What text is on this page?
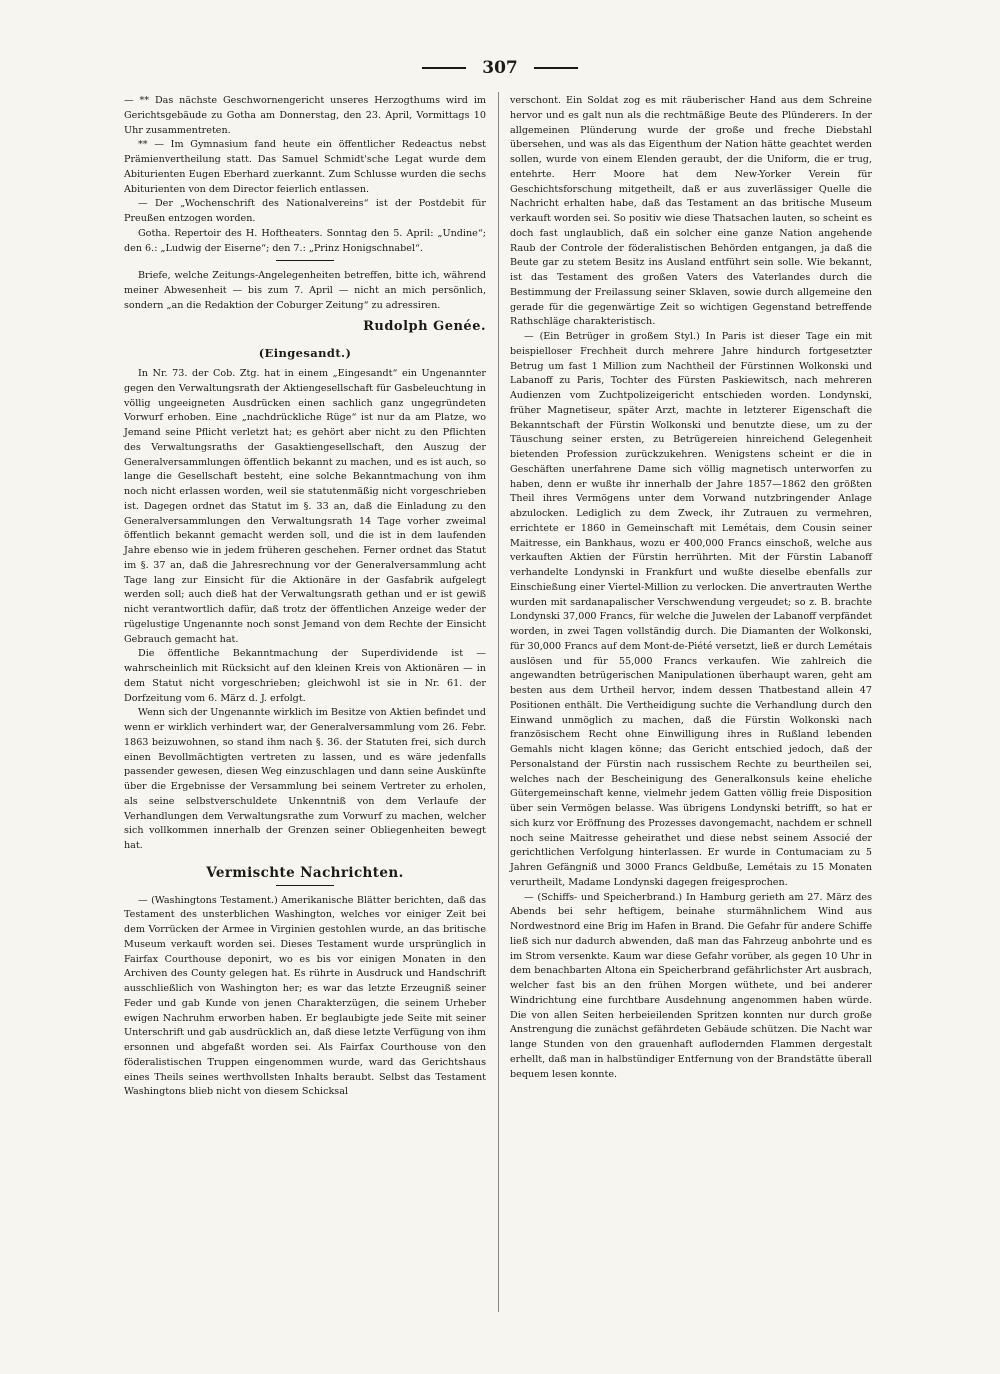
307

— ** Das nächste Geschwornengericht unseres Herzogthums wird im Gerichtsgebäude zu Gotha am Donnerstag, den 23. April, Vormittags 10 Uhr zusammentreten.

** — Im Gymnasium fand heute ein öffentlicher Redeactus nebst Prämienvertheilung statt. Das Samuel Schmidt'sche Legat wurde dem Abiturienten Eugen Eberhard zuerkannt. Zum Schlusse wurden die sechs Abiturienten von dem Director feierlich entlassen.

— Der „Wochenschrift des Nationalvereins“ ist der Postdebit für Preußen entzogen worden.

Gotha. Repertoir des H. Hoftheaters. Sonntag den 5. April: „Undine“; den 6.: „Ludwig der Eiserne“; den 7.: „Prinz Honigschnabel“.

Briefe, welche Zeitungs-Angelegenheiten betreffen, bitte ich, während meiner Abwesenheit — bis zum 7. April — nicht an mich persönlich, sondern „an die Redaktion der Coburger Zeitung“ zu adressiren.

Rudolph Genée.
(Eingesandt.)

In Nr. 73. der Cob. Ztg. hat in einem „Eingesandt“ ein Ungenannter gegen den Verwaltungsrath der Aktiengesellschaft für Gasbeleuchtung in völlig ungeeigneten Ausdrücken einen sachlich ganz ungegründeten Vorwurf erhoben. Eine „nachdrückliche Rüge“ ist nur da am Platze, wo Jemand seine Pflicht verletzt hat; es gehört aber nicht zu den Pflichten des Verwaltungsraths der Gasaktiengesellschaft, den Auszug der Generalversammlungen öffentlich bekannt zu machen, und es ist auch, so lange die Gesellschaft besteht, eine solche Bekanntmachung von ihm noch nicht erlassen worden, weil sie statutenmäßig nicht vorgeschrieben ist. Dagegen ordnet das Statut im §. 33 an, daß die Einladung zu den Generalversammlungen den Verwaltungsrath 14 Tage vorher zweimal öffentlich bekannt gemacht werden soll, und die ist in dem laufenden Jahre ebenso wie in jedem früheren geschehen. Ferner ordnet das Statut im §. 37 an, daß die Jahresrechnung vor der Generalversammlung acht Tage lang zur Einsicht für die Aktionäre in der Gasfabrik aufgelegt werden soll; auch dieß hat der Verwaltungsrath gethan und er ist gewiß nicht verantwortlich dafür, daß trotz der öffentlichen Anzeige weder der rügelustige Ungenannte noch sonst Jemand von dem Rechte der Einsicht Gebrauch gemacht hat.

Die öffentliche Bekanntmachung der Superdividende ist — wahrscheinlich mit Rücksicht auf den kleinen Kreis von Aktionären — in dem Statut nicht vorgeschrieben; gleichwohl ist sie in Nr. 61. der Dorfzeitung vom 6. März d. J. erfolgt.

Wenn sich der Ungenannte wirklich im Besitze von Aktien befindet und wenn er wirklich verhindert war, der Generalversammlung vom 26. Febr. 1863 beizuwohnen, so stand ihm nach §. 36. der Statuten frei, sich durch einen Bevollmächtigten vertreten zu lassen, und es wäre jedenfalls passender gewesen, diesen Weg einzuschlagen und dann seine Auskünfte über die Ergebnisse der Versammlung bei seinem Vertreter zu erholen, als seine selbstverschuldete Unkenntniß von dem Verlaufe der Verhandlungen dem Verwaltungsrathe zum Vorwurf zu machen, welcher sich vollkommen innerhalb der Grenzen seiner Obliegenheiten bewegt hat.

Vermischte Nachrichten.

— (Washingtons Testament.) Amerikanische Blätter berichten, daß das Testament des unsterblichen Washington, welches vor einiger Zeit bei dem Vorrücken der Armee in Virginien gestohlen wurde, an das britische Museum verkauft worden sei. Dieses Testament wurde ursprünglich in Fairfax Courthouse deponirt, wo es bis vor einigen Monaten in den Archiven des County gelegen hat. Es rührte in Ausdruck und Handschrift ausschließlich von Washington her; es war das letzte Erzeugniß seiner Feder und gab Kunde von jenen Charakterzügen, die seinem Urheber ewigen Nachruhm erworben haben. Er beglaubigte jede Seite mit seiner Unterschrift und gab ausdrücklich an, daß diese letzte Verfügung von ihm ersonnen und abgefaßt worden sei. Als Fairfax Courthouse von den föderalistischen Truppen eingenommen wurde, ward das Gerichtshaus eines Theils seines werthvollsten Inhalts beraubt. Selbst das Testament Washingtons blieb nicht von diesem Schicksal

verschont. Ein Soldat zog es mit räuberischer Hand aus dem Schreine hervor und es galt nun als die rechtmäßige Beute des Plünderers. In der allgemeinen Plünderung wurde der große und freche Diebstahl übersehen, und was als das Eigenthum der Nation hätte geachtet werden sollen, wurde von einem Elenden geraubt, der die Uniform, die er trug, entehrte. Herr Moore hat dem New-Yorker Verein für Geschichtsforschung mitgetheilt, daß er aus zuverlässiger Quelle die Nachricht erhalten habe, daß das Testament an das britische Museum verkauft worden sei. So positiv wie diese Thatsachen lauten, so scheint es doch fast unglaublich, daß ein solcher eine ganze Nation angehende Raub der Controle der föderalistischen Behörden entgangen, ja daß die Beute gar zu stetem Besitz ins Ausland entführt sein solle. Wie bekannt, ist das Testament des großen Vaters des Vaterlandes durch die Bestimmung der Freilassung seiner Sklaven, sowie durch allgemeine den gerade für die gegenwärtige Zeit so wichtigen Gegenstand betreffende Rathschläge charakteristisch.

— (Ein Betrüger in großem Styl.) In Paris ist dieser Tage ein mit beispielloser Frechheit durch mehrere Jahre hindurch fortgesetzter Betrug um fast 1 Million zum Nachtheil der Fürstinnen Wolkonski und Labanoff zu Paris, Tochter des Fürsten Paskiewitsch, nach mehreren Audienzen vom Zuchtpolizeigericht entschieden worden. Londynski, früher Magnetiseur, später Arzt, machte in letzterer Eigenschaft die Bekanntschaft der Fürstin Wolkonski und benutzte diese, um zu der Täuschung seiner ersten, zu Betrügereien hinreichend Gelegenheit bietenden Profession zurückzukehren. Wenigstens scheint er die in Geschäften unerfahrene Dame sich völlig magnetisch unterworfen zu haben, denn er wußte ihr innerhalb der Jahre 1857—1862 den größten Theil ihres Vermögens unter dem Vorwand nutzbringender Anlage abzulocken. Lediglich zu dem Zweck, ihr Zutrauen zu vermehren, errichtete er 1860 in Gemeinschaft mit Lemétais, dem Cousin seiner Maitresse, ein Bankhaus, wozu er 400,000 Francs einschoß, welche aus verkauften Aktien der Fürstin herrührten. Mit der Fürstin Labanoff verhandelte Londynski in Frankfurt und wußte dieselbe ebenfalls zur Einschießung einer Viertel-Million zu verlocken. Die anvertrauten Werthe wurden mit sardanapalischer Verschwendung vergeudet; so z. B. brachte Londynski 37,000 Francs, für welche die Juwelen der Labanoff verpfändet worden, in zwei Tagen vollständig durch. Die Diamanten der Wolkonski, für 30,000 Francs auf dem Mont-de-Piété versetzt, ließ er durch Lemétais auslösen und für 55,000 Francs verkaufen. Wie zahlreich die angewandten betrügerischen Manipulationen überhaupt waren, geht am besten aus dem Urtheil hervor, indem dessen Thatbestand allein 47 Positionen enthält. Die Vertheidigung suchte die Verhandlung durch den Einwand unmöglich zu machen, daß die Fürstin Wolkonski nach französischem Recht ohne Einwilligung ihres in Rußland lebenden Gemahls nicht klagen könne; das Gericht entschied jedoch, daß der Personalstand der Fürstin nach russischem Rechte zu beurtheilen sei, welches nach der Bescheinigung des Generalkonsuls keine eheliche Gütergemeinschaft kenne, vielmehr jedem Gatten völlig freie Disposition über sein Vermögen belasse. Was übrigens Londynski betrifft, so hat er sich kurz vor Eröffnung des Prozesses davongemacht, nachdem er schnell noch seine Maitresse geheirathet und diese nebst seinem Associé der gerichtlichen Verfolgung hinterlassen. Er wurde in Contumaciam zu 5 Jahren Gefängniß und 3000 Francs Geldbuße, Lemétais zu 15 Monaten verurtheilt, Madame Londynski dagegen freigesprochen.

— (Schiffs- und Speicherbrand.) In Hamburg gerieth am 27. März des Abends bei sehr heftigem, beinahe sturmähnlichem Wind aus Nordwestnord eine Brig im Hafen in Brand. Die Gefahr für andere Schiffe ließ sich nur dadurch abwenden, daß man das Fahrzeug anbohrte und es im Strom versenkte. Kaum war diese Gefahr vorüber, als gegen 10 Uhr in dem benachbarten Altona ein Speicherbrand gefährlichster Art ausbrach, welcher fast bis an den frühen Morgen wüthete, und bei anderer Windrichtung eine furchtbare Ausdehnung angenommen haben würde. Die von allen Seiten herbeieilenden Spritzen konnten nur durch große Anstrengung die zunächst gefährdeten Gebäude schützen. Die Nacht war lange Stunden von den grauenhaft auflodernden Flammen dergestalt erhellt, daß man in halbstündiger Entfernung von der Brandstätte überall bequem lesen konnte.
